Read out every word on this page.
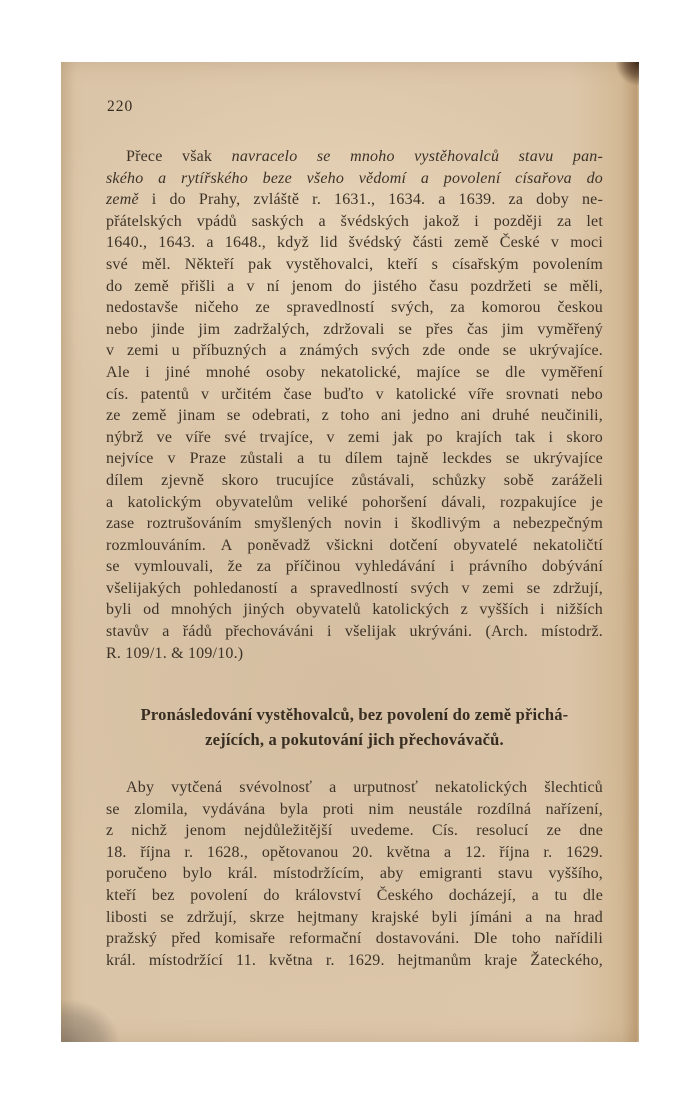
220
Přece však navracelo se mnoho vystěhovalců stavu pan-
ského a rytířského beze všeho vědomí a povolení císařova do
země i do Prahy, zvláště r. 1631., 1634. a 1639. za doby ne-
přátelských vpádů saských a švédských jakož i později za let
1640., 1643. a 1648., když lid švédský části země České v moci
své měl. Někteří pak vystěhovalci, kteří s císařským povolením
do země přišli a v ní jenom do jistého času pozdržeti se měli,
nedostavše ničeho ze spravedlností svých, za komorou českou
nebo jinde jim zadržalých, zdržovali se přes čas jim vyměřený
v zemi u příbuzných a známých svých zde onde se ukrývajíce.
Ale i jiné mnohé osoby nekatolické, majíce se dle vyměření
cís. patentů v určitém čase buďto v katolické víře srovnati nebo
ze země jinam se odebrati, z toho ani jedno ani druhé neučinili,
nýbrž ve víře své trvajíce, v zemi jak po krajích tak i skoro
nejvíce v Praze zůstali a tu dílem tajně leckdes se ukrývajíce
dílem zjevně skoro trucujíce zůstávali, schůzky sobě zaráželi
a katolickým obyvatelům veliké pohoršení dávali, rozpakujíce je
zase roztrušováním smyšlených novin i škodlivým a nebezpečným
rozmlouváním. A poněvadž všickni dotčení obyvatelé nekatoličtí
se vymlouvali, že za příčinou vyhledávání i právního dobývání
všelijakých pohledaností a spravedlností svých v zemi se zdržují,
byli od mnohých jiných obyvatelů katolických z vyšších i nižších
stavův a řádů přechováváni i všelijak ukrýváni. (Arch. místodrž.
R. 109/1. & 109/10.)
Pronásledování vystěhovalců, bez povolení do země přichá-
zejících, a pokutování jich přechovávačů.
Aby vytčená svévolnosť a urputnosť nekatolických šlechticů
se zlomila, vydávána byla proti nim neustále rozdílná nařízení,
z nichž jenom nejdůležitější uvedeme. Cís. resolucí ze dne
18. října r. 1628., opětovanou 20. května a 12. října r. 1629.
poručeno bylo král. místodržícím, aby emigranti stavu vyššího,
kteří bez povolení do království Českého docházejí, a tu dle
libosti se zdržují, skrze hejtmany krajské byli jímáni a na hrad
pražský před komisaře reformační dostavováni. Dle toho nařídili
král. místodržící 11. května r. 1629. hejtmanům kraje Žateckého,
